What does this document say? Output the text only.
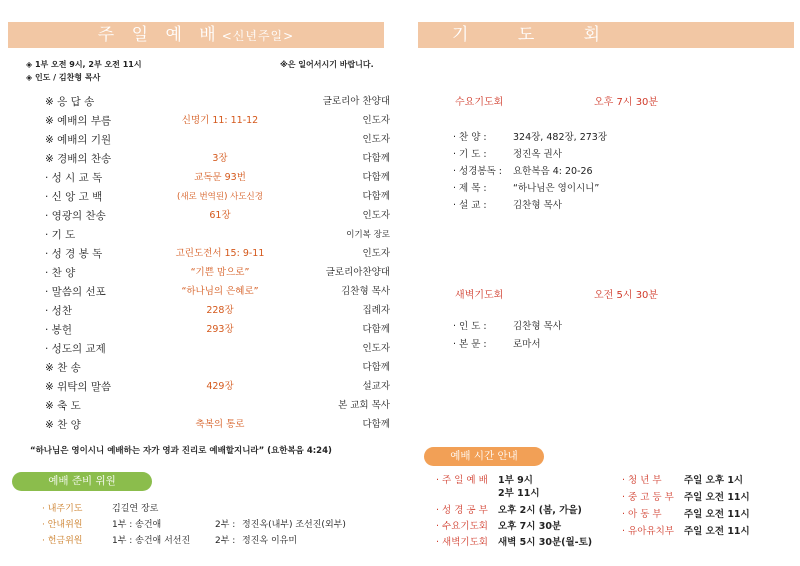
주 일 예 배<신년주일>
◈ 1부 오전 9시, 2부 오전 11시	※은 일어서시기 바랍니다.
◈ 인도 / 김찬형 목사
※ 응 답 송	글로리아 찬양대
※ 예배의 부름	신명기 11: 11-12	인도자
※ 예배의 기원	인도자
※ 경배의 찬송	3장	다함께
· 성 시 교 독	교독문 93번	다함께
· 신 앙 고 백	(새로 번역된) 사도신경	다함께
· 영광의 찬송	61장	인도자
· 기 도	이기복 장로
· 성 경 봉 독	고린도전서 15: 9-11	인도자
· 찬 양	“기쁜 맘으로”	글로리아찬양대
· 말씀의 선포	“하나님의 은혜로”	김찬형 목사
· 성찬	228장	집례자
· 봉헌	293장	다함께
· 성도의 교제	인도자
※ 찬 송	다함께
※ 위탁의 말씀	429장	설교자
※ 축 도	본 교회 목사
※ 찬 양	축복의 통로	다함께
“하나님은 영이시니 예배하는 자가 영과 진리로 예배할지니라” (요한복음 4:24)
예배 준비 위원
· 내주기도	김길연 장로
· 안내위원	1부 : 송건애	2부 : 정진옥(내부) 조선진(외부)
· 헌금위원	1부 : 송건애 서선진	2부 : 정진옥 이유미
기 도 회
수요기도회	오후 7시 30분
· 찬 양 :	324장, 482장, 273장
· 기 도 :	정진옥 권사
· 성경봉독 : 요한복음 4: 20-26
· 제 목 :	“하나님은 영이시니”
· 설 교 :	김찬형 목사
새벽기도회	오전 5시 30분
· 인 도 :	김찬형 목사
· 본 문 :	로마서
예배 시간 안내
· 주 일 예 배 1부 9시
2부 11시
· 성 경 공 부 오후 2시 (봄, 가을)
· 수요기도회 오후 7시 30분
· 새벽기도회 새벽 5시 30분(월-토)
· 청 년 부 주일 오후 1시
· 중 고 등 부 주일 오전 11시
· 아 동 부 주일 오전 11시
· 유아유치부 주일 오전 11시
